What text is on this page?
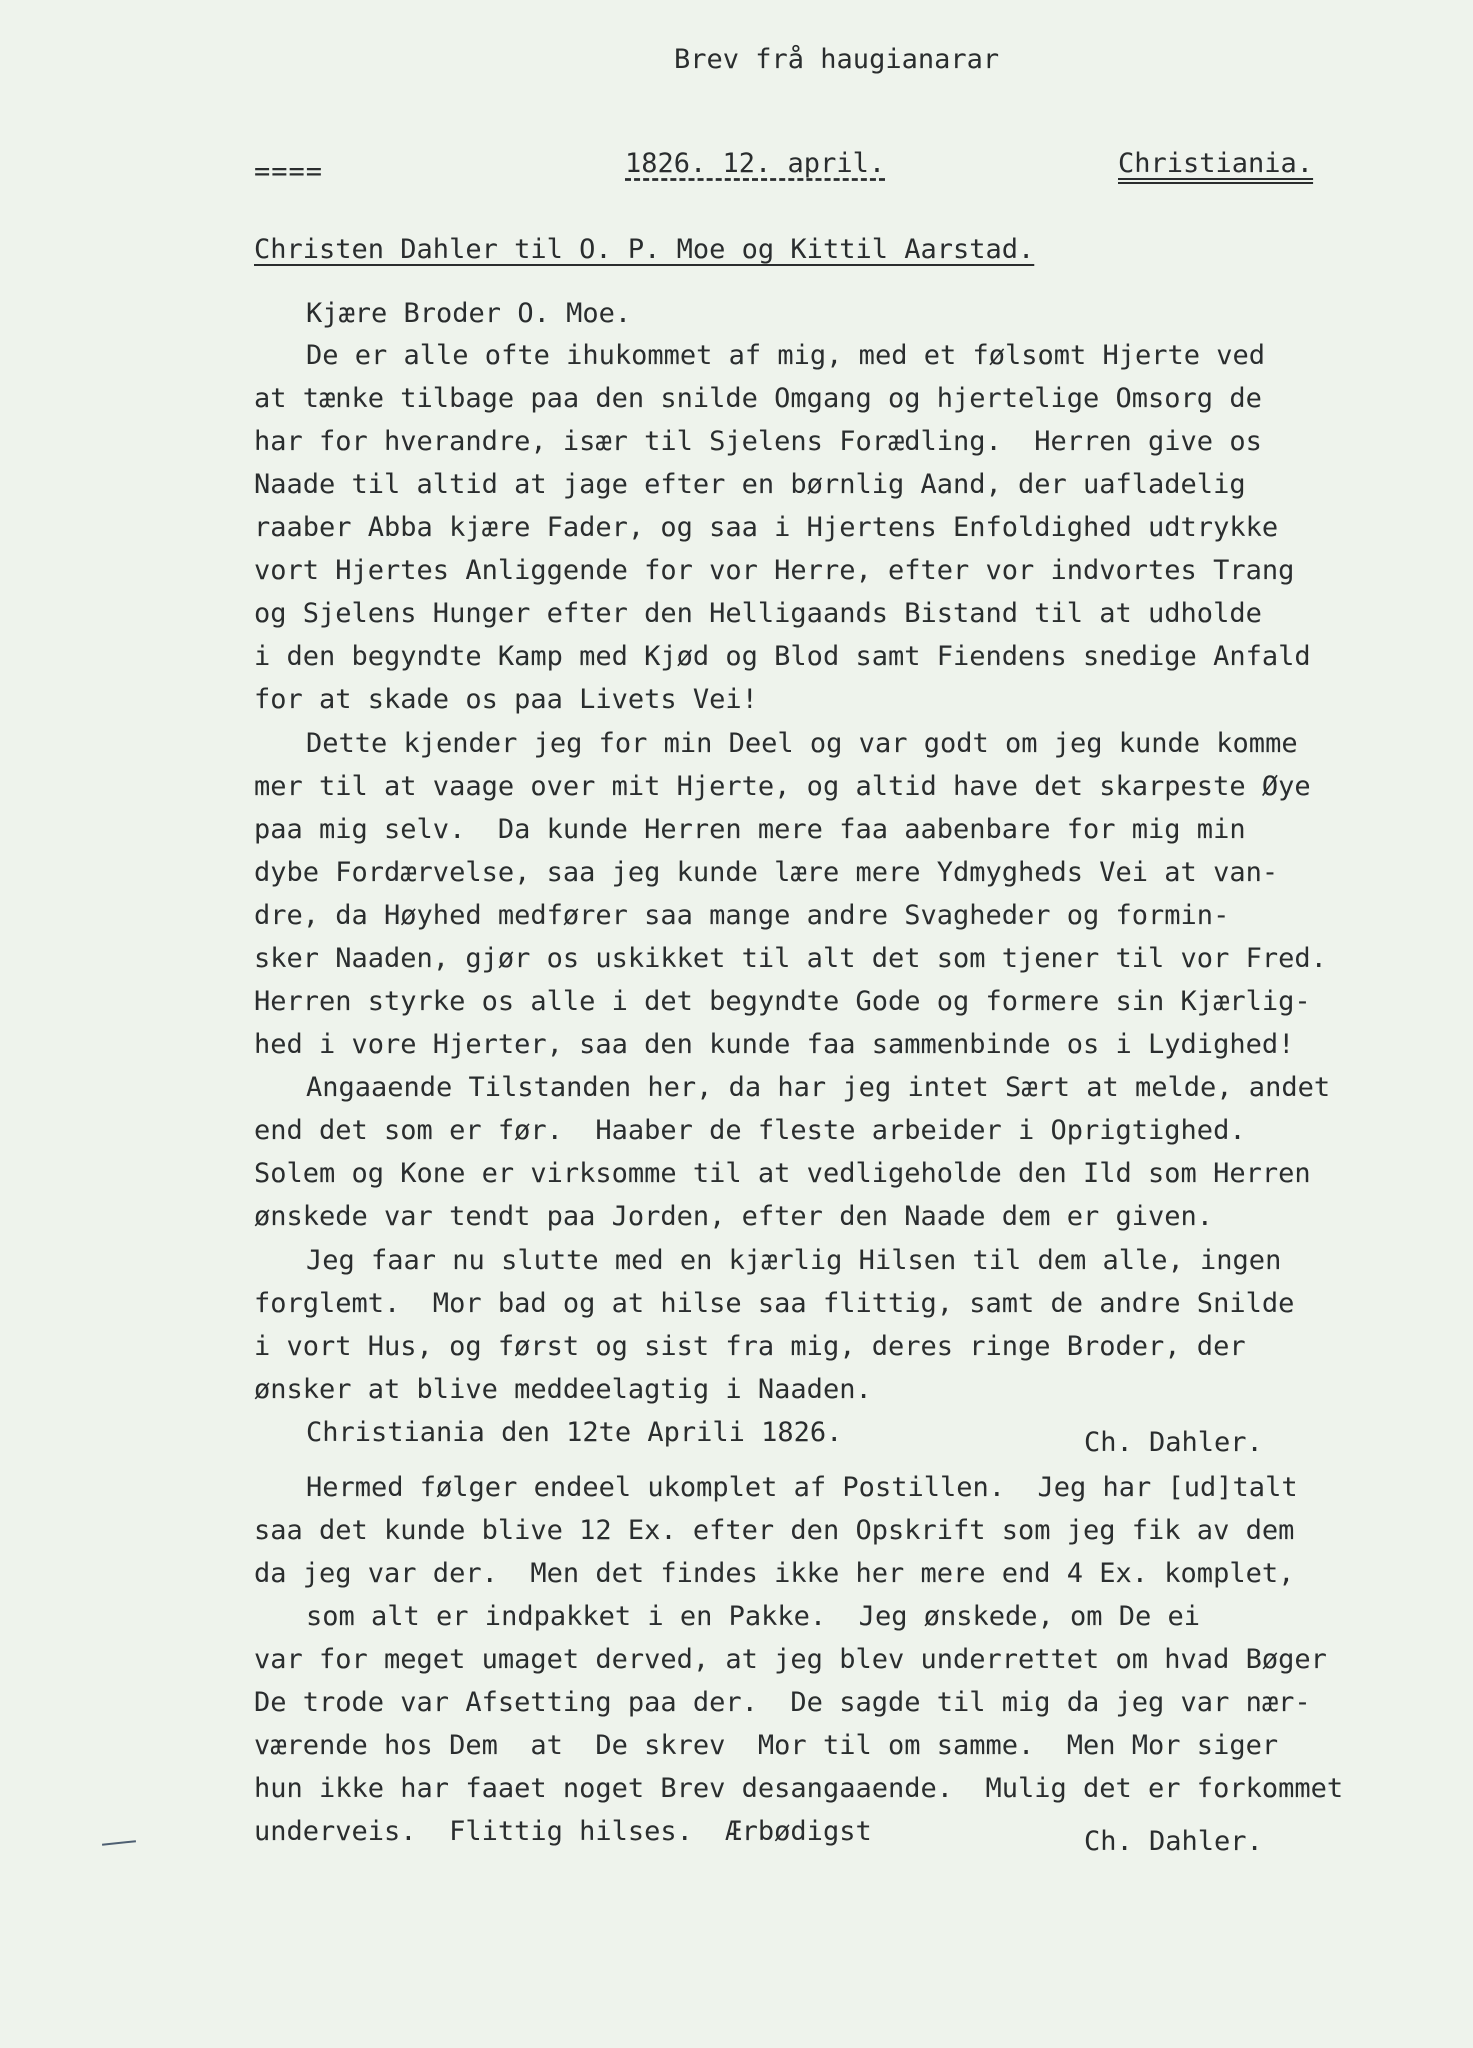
Brev frå haugianarar
====	1826. 12. april.	Christiania.
Christen Dahler til O. P. Moe og Kittil Aarstad.
Kjære Broder O. Moe.
De er alle ofte ihukommet af mig, med et følsomt Hjerte ved
at tænke tilbage paa den snilde Omgang og hjertelige Omsorg de
har for hverandre, især til Sjelens Forædling.  Herren give os
Naade til altid at jage efter en børnlig Aand, der uafladelig
raaber Abba kjære Fader, og saa i Hjertens Enfoldighed udtrykke
vort Hjertes Anliggende for vor Herre, efter vor indvortes Trang
og Sjelens Hunger efter den Helligaands Bistand til at udholde
i den begyndte Kamp med Kjød og Blod samt Fiendens snedige Anfald
for at skade os paa Livets Vei!
Dette kjender jeg for min Deel og var godt om jeg kunde komme
mer til at vaage over mit Hjerte, og altid have det skarpeste Øye
paa mig selv.  Da kunde Herren mere faa aabenbare for mig min
dybe Fordærvelse, saa jeg kunde lære mere Ydmygheds Vei at van-
dre, da Høyhed medfører saa mange andre Svagheder og formin-
sker Naaden, gjør os uskikket til alt det som tjener til vor Fred.
Herren styrke os alle i det begyndte Gode og formere sin Kjærlig-
hed i vore Hjerter, saa den kunde faa sammenbinde os i Lydighed!
Angaaende Tilstanden her, da har jeg intet Sært at melde, andet
end det som er før.  Haaber de fleste arbeider i Oprigtighed.
Solem og Kone er virksomme til at vedligeholde den Ild som Herren
ønskede var tendt paa Jorden, efter den Naade dem er given.
Jeg faar nu slutte med en kjærlig Hilsen til dem alle, ingen
forglemt.  Mor bad og at hilse saa flittig, samt de andre Snilde
i vort Hus, og først og sist fra mig, deres ringe Broder, der
ønsker at blive meddeelagtig i Naaden.
Christiania den 12te Aprili 1826.	Ch. Dahler.
Hermed følger endeel ukomplet af Postillen.  Jeg har [ud]talt
saa det kunde blive 12 Ex. efter den Opskrift som jeg fik av dem
da jeg var der.  Men det findes ikke her mere end 4 Ex. komplet,
som alt er indpakket i en Pakke.  Jeg ønskede, om De ei
var for meget umaget derved, at jeg blev underrettet om hvad Bøger
De trode var Afsetting paa der.  De sagde til mig da jeg var nær-
værende hos Dem  at  De skrev  Mor til om samme.  Men Mor siger
hun ikke har faaet noget Brev desangaaende.  Mulig det er forkommet
underveis.  Flittig hilses.  Ærbødigst	Ch. Dahler.
